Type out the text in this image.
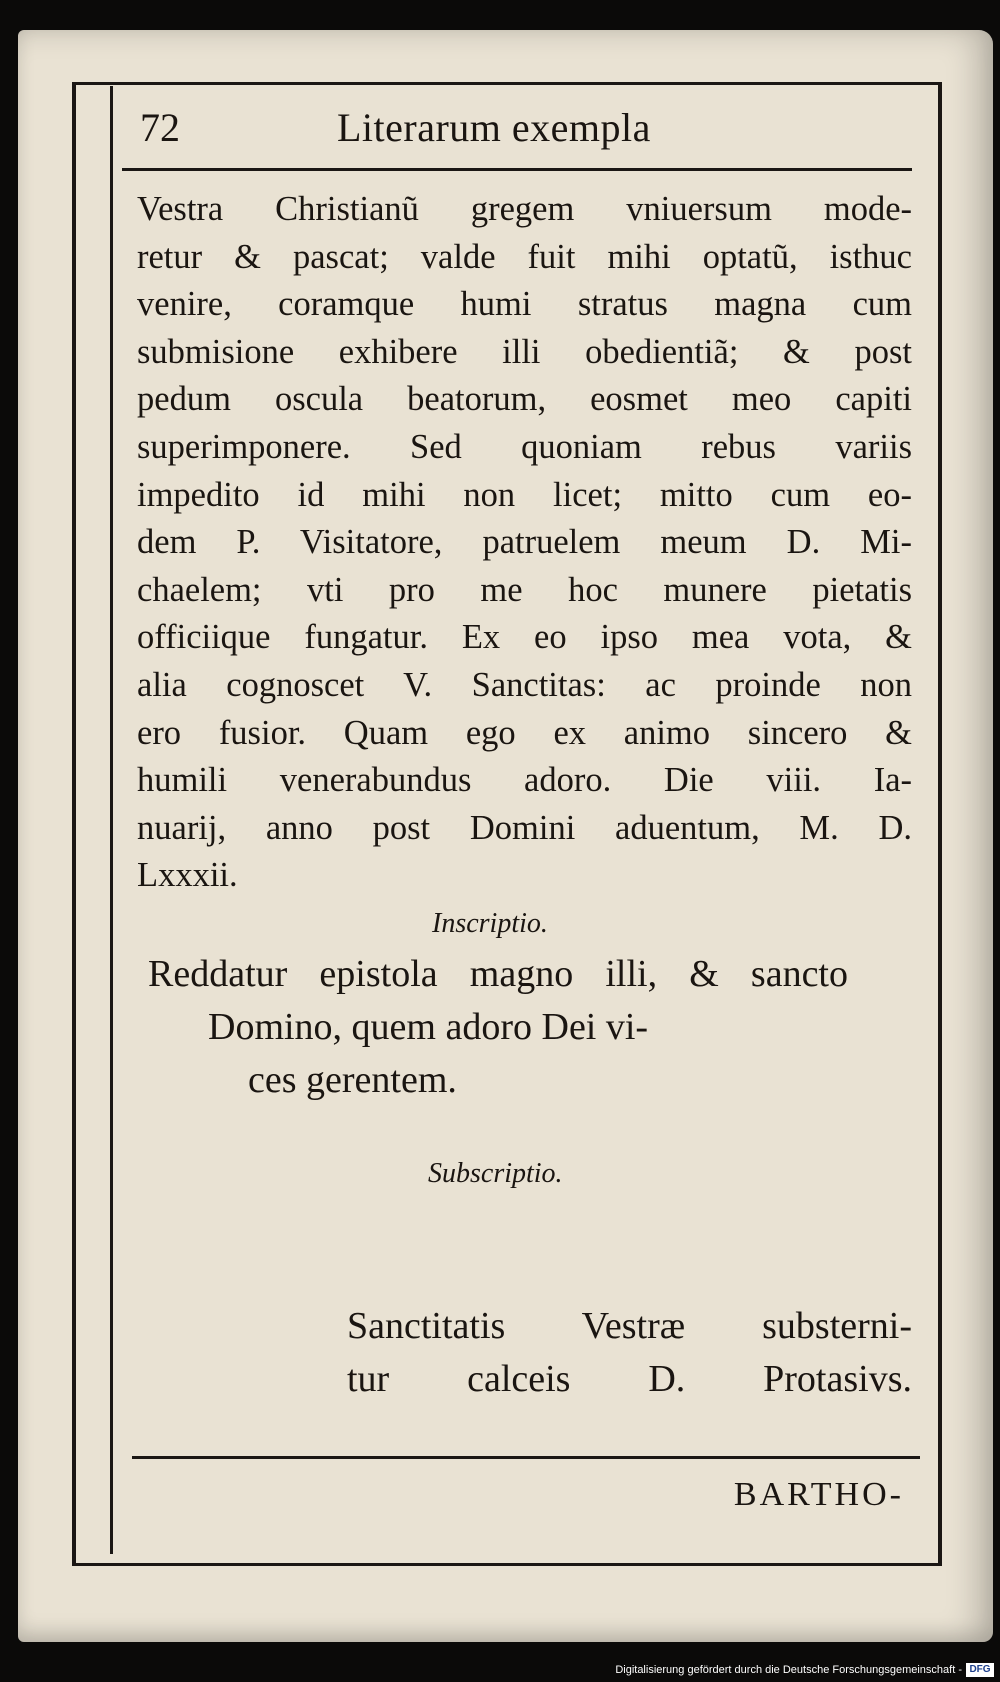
72	Literarum exempla
Vestra Christianũ gregem vniuersum mode-
retur & pascat; valde fuit mihi optatũ, isthuc
venire, coramque humi stratus magna cum
submisione exhibere illi obedientiã; & post
pedum oscula beatorum, eosmet meo capiti
superimponere. Sed quoniam rebus variis
impedito id mihi non licet; mitto cum eo-
dem P. Visitatore, patruelem meum D. Mi-
chaelem; vti pro me hoc munere pietatis
officiique fungatur. Ex eo ipso mea vota, &
alia cognoscet V. Sanctitas: ac proinde non
ero fusior. Quam ego ex animo sincero &
humili venerabundus adoro. Die viii. Ia-
nuarij, anno post Domini aduentum, M. D.
Lxxxii.
Inscriptio.
Reddatur epistola magno illi, & sancto
Domino, quem adoro Dei vi-
ces gerentem.
Subscriptio.
Sanctitatis Vestræ substerni-
tur calceis D. Protasivs.
BARTHO-
Digitalisierung gefördert durch die Deutsche Forschungsgemeinschaft - DFG
